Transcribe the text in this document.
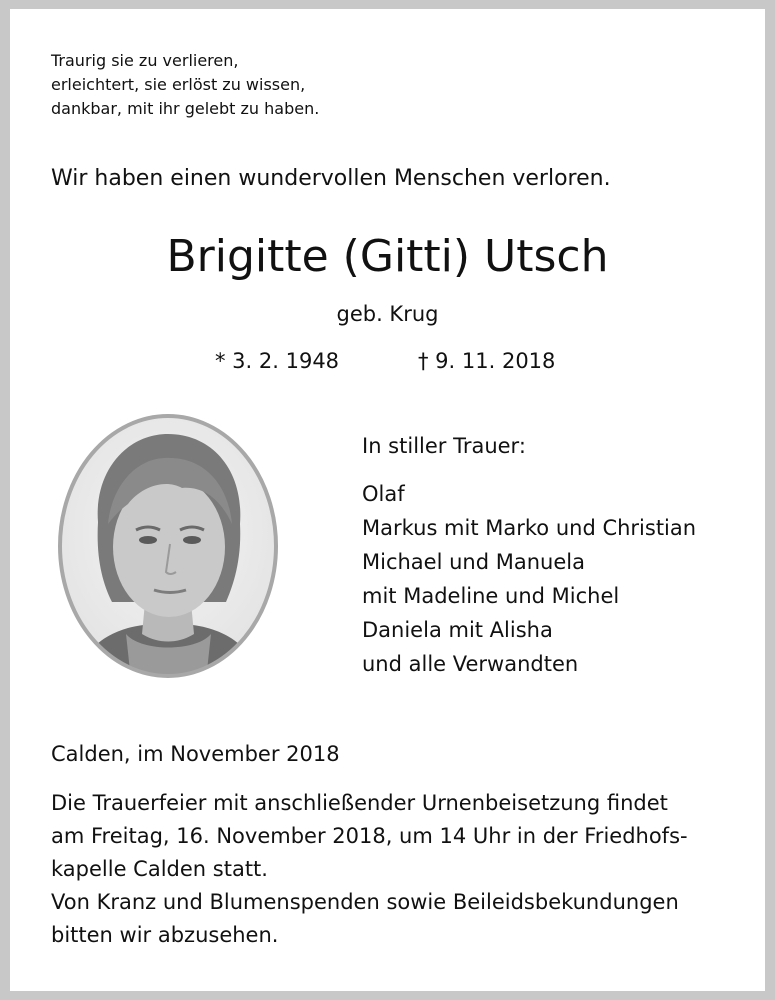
Traurig sie zu verlieren,
erleichtert, sie erlöst zu wissen,
dankbar, mit ihr gelebt zu haben.
Wir haben einen wundervollen Menschen verloren.
Brigitte (Gitti) Utsch
geb. Krug
* 3. 2. 1948	† 9. 11. 2018
In stiller Trauer:
Olaf
Markus mit Marko und Christian
Michael und Manuela
mit Madeline und Michel
Daniela mit Alisha
und alle Verwandten
Calden, im November 2018
Die Trauerfeier mit anschließender Urnenbeisetzung findet
am Freitag, 16. November 2018, um 14 Uhr in der Friedhofs-
kapelle Calden statt.
Von Kranz und Blumenspenden sowie Beileidsbekundungen
bitten wir abzusehen.
